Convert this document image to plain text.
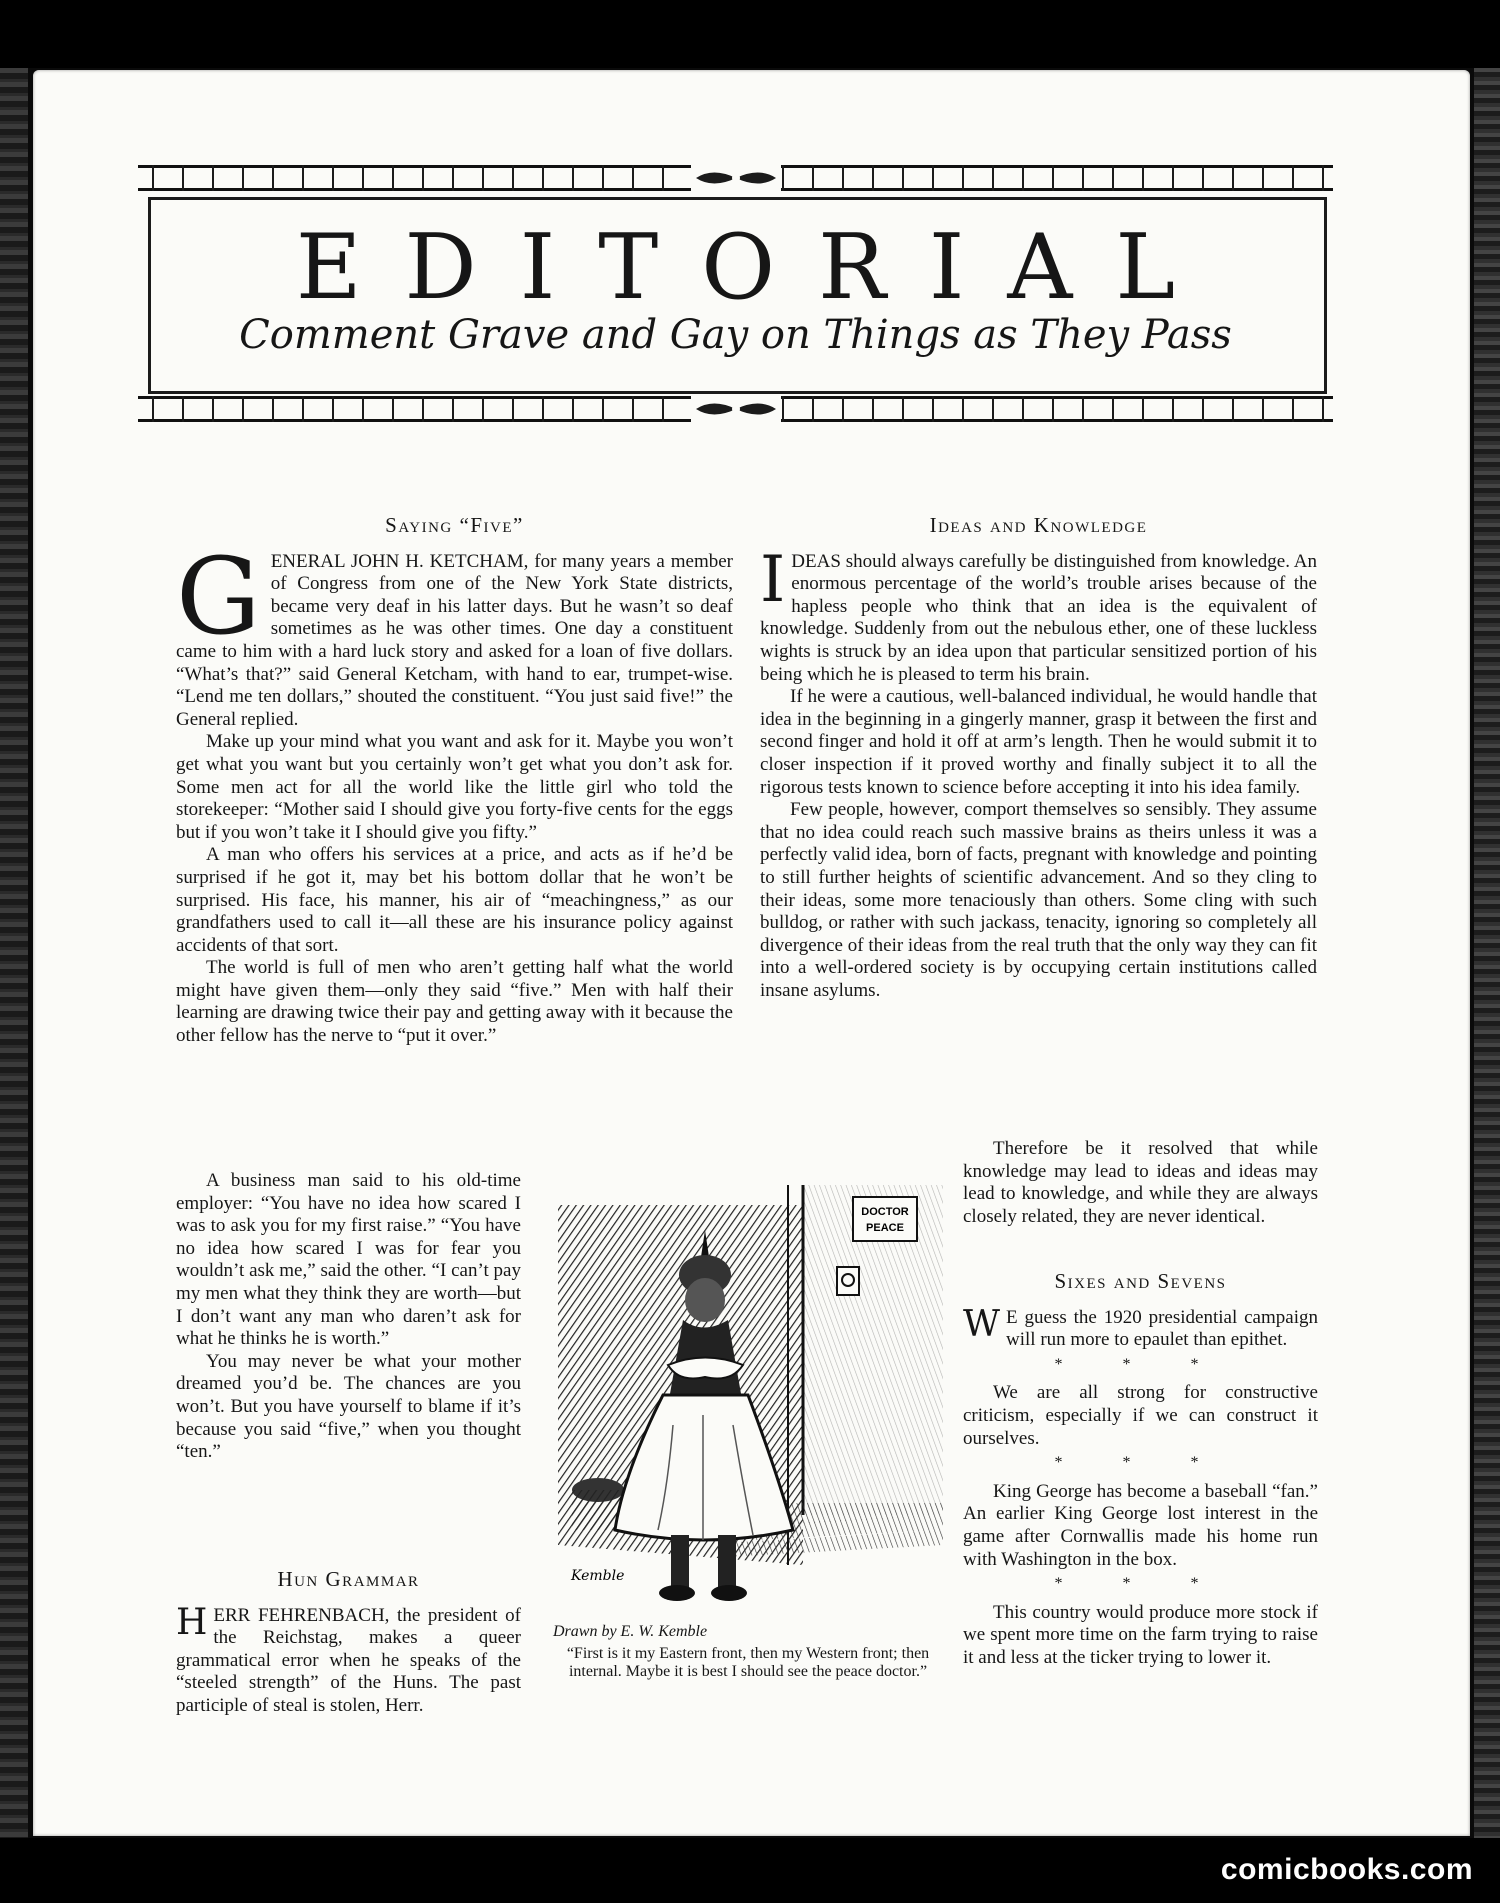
comicbooks.com
EDITORIAL
Comment Grave and Gay on Things as They Pass
Saying “Five”

GENERAL JOHN H. KETCHAM, for many years a member of Congress from one of the New York State districts, became very deaf in his latter days. But he wasn’t so deaf sometimes as he was other times. One day a constituent came to him with a hard luck story and asked for a loan of five dollars. “What’s that?” said General Ketcham, with hand to ear, trumpet-wise. “Lend me ten dollars,” shouted the constituent. “You just said five!” the General replied.

Make up your mind what you want and ask for it. Maybe you won’t get what you want but you certainly won’t get what you don’t ask for. Some men act for all the world like the little girl who told the storekeeper: “Mother said I should give you forty-five cents for the eggs but if you won’t take it I should give you fifty.”

A man who offers his services at a price, and acts as if he’d be surprised if he got it, may bet his bottom dollar that he won’t be surprised. His face, his manner, his air of “meachingness,” as our grandfathers used to call it—all these are his insurance policy against accidents of that sort.

The world is full of men who aren’t getting half what the world might have given them—only they said “five.” Men with half their learning are drawing twice their pay and getting away with it because the other fellow has the nerve to “put it over.”

A business man said to his old-time employer: “You have no idea how scared I was to ask you for my first raise.” “You have no idea how scared I was for fear you wouldn’t ask me,” said the other. “I can’t pay my men what they think they are worth—but I don’t want any man who daren’t ask for what he thinks he is worth.”

You may never be what your mother dreamed you’d be. The chances are you won’t. But you have yourself to blame if it’s because you said “five,” when you thought “ten.”

Hun Grammar

HERR FEHRENBACH, the president of the Reichstag, makes a queer grammatical error when he speaks of the “steeled strength” of the Huns. The past participle of steal is stolen, Herr.

Ideas and Knowledge

IDEAS should always carefully be distinguished from knowledge. An enormous percentage of the world’s trouble arises because of the hapless people who think that an idea is the equivalent of knowledge. Suddenly from out the nebulous ether, one of these luckless wights is struck by an idea upon that particular sensitized portion of his being which he is pleased to term his brain.

If he were a cautious, well-balanced individual, he would handle that idea in the beginning in a gingerly manner, grasp it between the first and second finger and hold it off at arm’s length. Then he would submit it to closer inspection if it proved worthy and finally subject it to all the rigorous tests known to science before accepting it into his idea family.

Few people, however, comport themselves so sensibly. They assume that no idea could reach such massive brains as theirs unless it was a perfectly valid idea, born of facts, pregnant with knowledge and pointing to still further heights of scientific advancement. And so they cling to their ideas, some more tenaciously than others. Some cling with such bulldog, or rather with such jackass, tenacity, ignoring so completely all divergence of their ideas from the real truth that the only way they can fit into a well-ordered society is by occupying certain institutions called insane asylums.

Therefore be it resolved that while knowledge may lead to ideas and ideas may lead to knowledge, and while they are always closely related, they are never identical.

Sixes and Sevens

W E guess the 1920 presidential campaign will run more to epaulet than epithet.

* * *

We are all strong for constructive criticism, especially if we can construct it ourselves.

* * *

King George has become a baseball “fan.” An earlier King George lost interest in the game after Cornwallis made his home run with Washington in the box.

* * *

This country would produce more stock if we spent more time on the farm trying to raise it and less at the ticker trying to lower it.

DOCTOR
PEACE
Kemble
Drawn by E. W. Kemble
“First is it my Eastern front, then my Western front; then internal. Maybe it is best I should see the peace doctor.”
